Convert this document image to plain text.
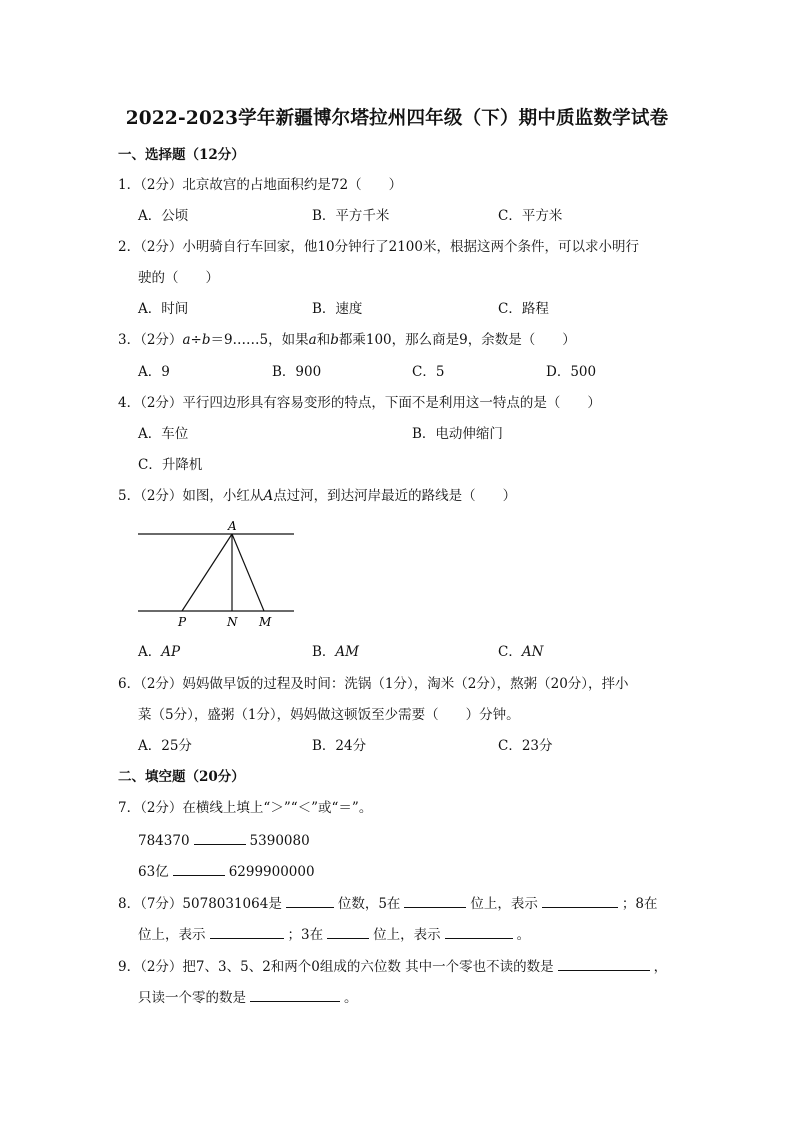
2022-2023学年新疆博尔塔拉州四年级（下）期中质监数学试卷
一、选择题（12分）
1．（2分）北京故宫的占地面积约是72（　　）
A．公顷	B．平方千米	C．平方米
2．（2分）小明骑自行车回家，他10分钟行了2100米，根据这两个条件，可以求小明行
驶的（　　）
A．时间	B．速度	C．路程
3．（2分）a÷b＝9……5，如果a和b都乘100，那么商是9，余数是（　　）
A．9	B．900	C．5	D．500
4．（2分）平行四边形具有容易变形的特点，下面不是利用这一特点的是（　　）
A．车位	B．电动伸缩门
C．升降机
5．（2分）如图，小红从A点过河，到达河岸最近的路线是（　　）
A
P	N M
A．AP	B．AM	C．AN
6．（2分）妈妈做早饭的过程及时间：洗锅（1分），淘米（2分），熬粥（20分），拌小
菜（5分），盛粥（1分），妈妈做这顿饭至少需要（　　）分钟。
A．25分	B．24分	C．23分
二、填空题（20分）
7．（2分）在横线上填上“＞”“＜”或“＝”。
784370	5390080
63亿	6299900000
8．（7分）5078031064是	位数，5在	位上，表示	；8在
位上，表示	；3在	位上，表示	。
9．（2分）把7、3、5、2和两个0组成的六位数 其中一个零也不读的数是	，
只读一个零的数是	。
